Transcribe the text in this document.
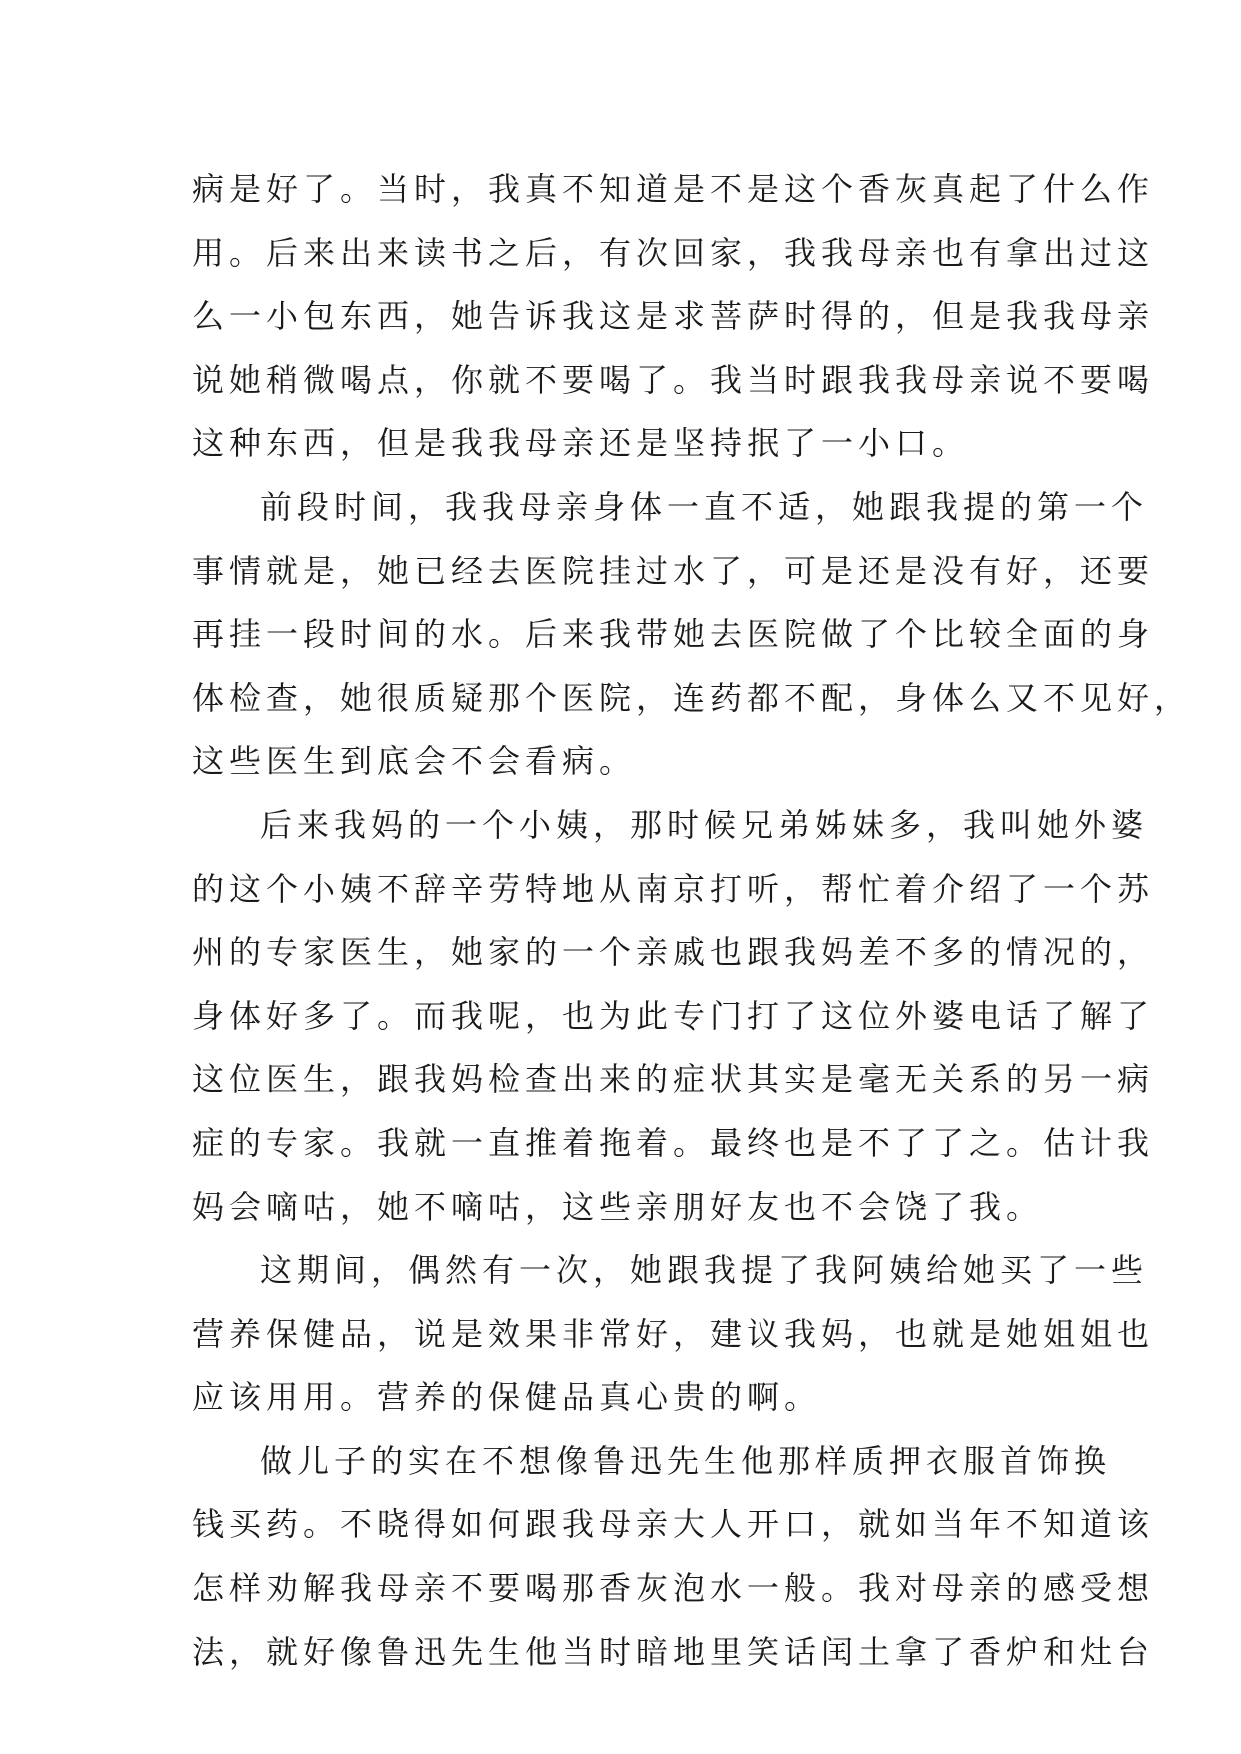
病是好了。当时，我真不知道是不是这个香灰真起了什么作
用。后来出来读书之后，有次回家，我我母亲也有拿出过这
么一小包东西，她告诉我这是求菩萨时得的，但是我我母亲
说她稍微喝点，你就不要喝了。我当时跟我我母亲说不要喝
这种东西，但是我我母亲还是坚持抿了一小口。
前段时间，我我母亲身体一直不适，她跟我提的第一个
事情就是，她已经去医院挂过水了，可是还是没有好，还要
再挂一段时间的水。后来我带她去医院做了个比较全面的身
体检查，她很质疑那个医院，连药都不配，身体么又不见好，
这些医生到底会不会看病。
后来我妈的一个小姨，那时候兄弟姊妹多，我叫她外婆
的这个小姨不辞辛劳特地从南京打听，帮忙着介绍了一个苏
州的专家医生，她家的一个亲戚也跟我妈差不多的情况的，
身体好多了。而我呢，也为此专门打了这位外婆电话了解了
这位医生，跟我妈检查出来的症状其实是毫无关系的另一病
症的专家。我就一直推着拖着。最终也是不了了之。估计我
妈会嘀咕，她不嘀咕，这些亲朋好友也不会饶了我。
这期间，偶然有一次，她跟我提了我阿姨给她买了一些
营养保健品，说是效果非常好，建议我妈，也就是她姐姐也
应该用用。营养的保健品真心贵的啊。
做儿子的实在不想像鲁迅先生他那样质押衣服首饰换
钱买药。不晓得如何跟我母亲大人开口，就如当年不知道该
怎样劝解我母亲不要喝那香灰泡水一般。我对母亲的感受想
法，就好像鲁迅先生他当时暗地里笑话闰土拿了香炉和灶台
